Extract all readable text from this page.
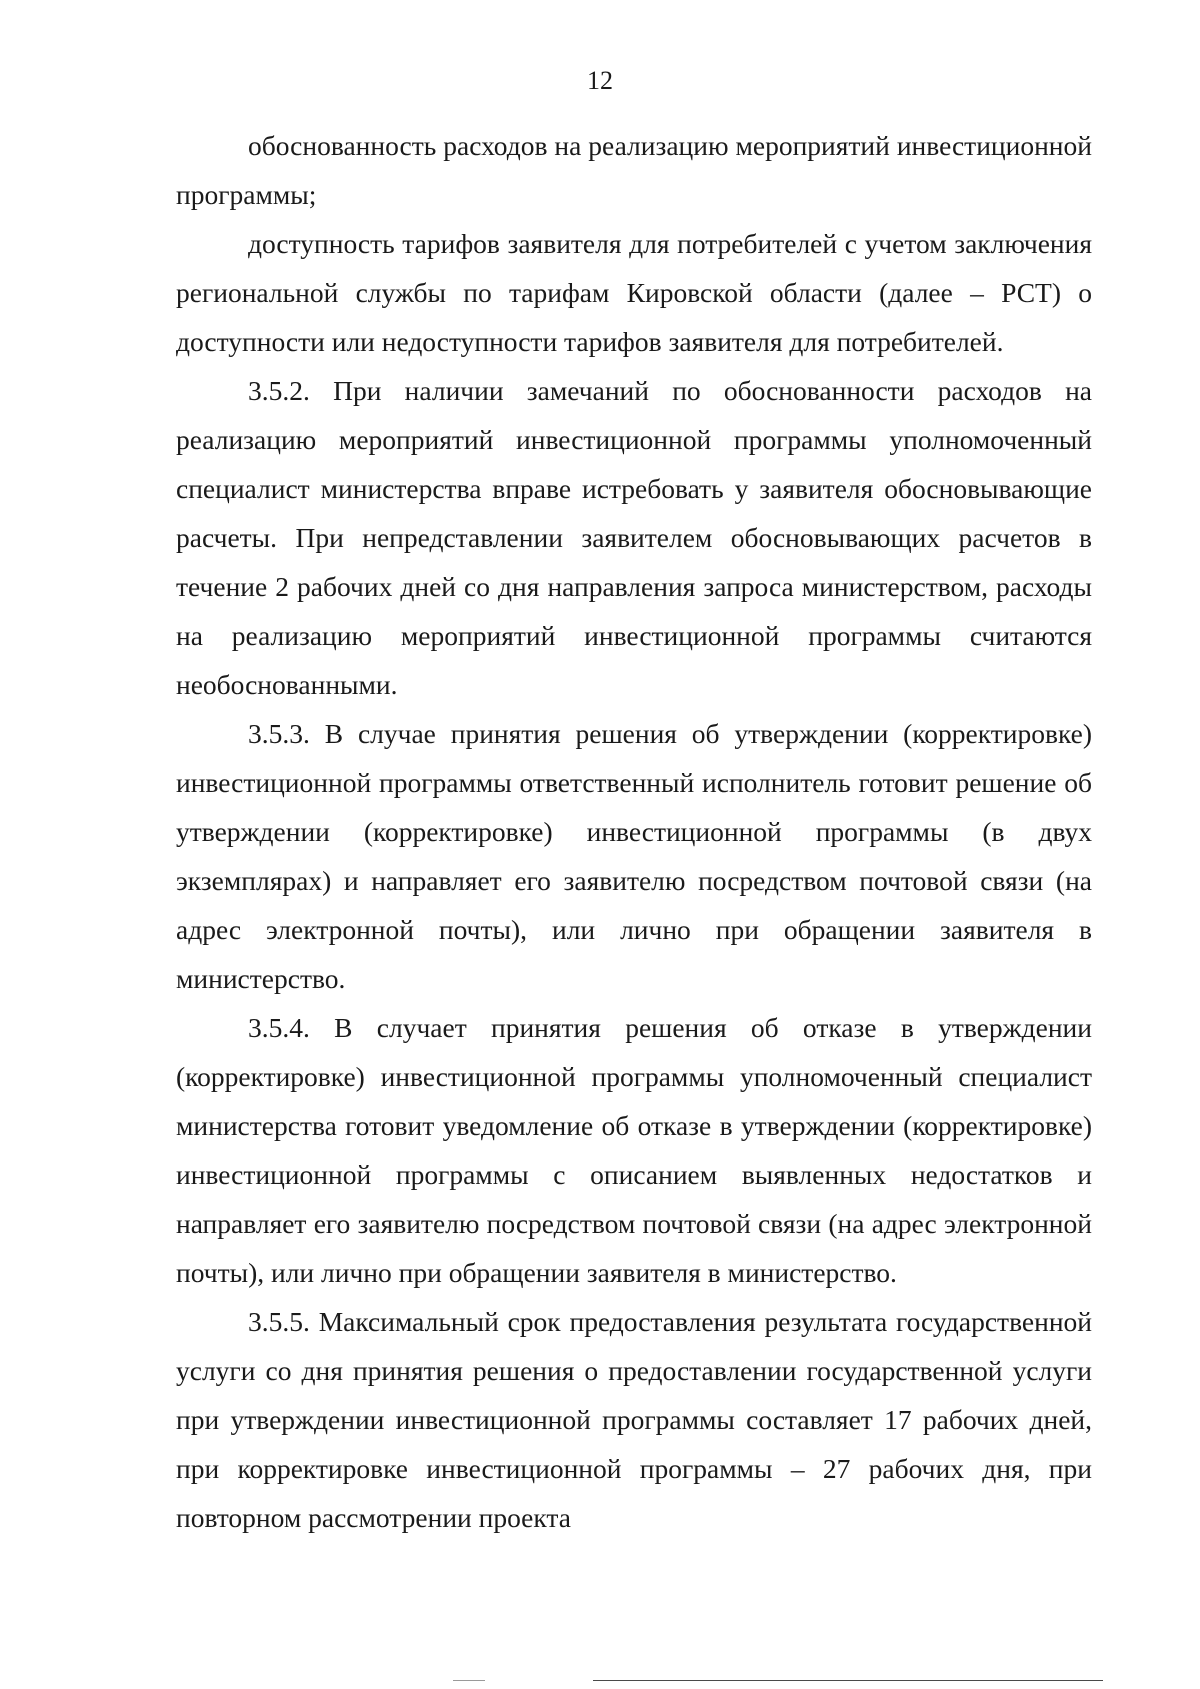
12

обоснованность расходов на реализацию мероприятий инвестиционной программы;

доступность тарифов заявителя для потребителей с учетом заключения региональной службы по тарифам Кировской области (далее – РСТ) о доступности или недоступности тарифов заявителя для потребителей.

3.5.2. При наличии замечаний по обоснованности расходов на реализацию мероприятий инвестиционной программы уполномоченный специалист министерства вправе истребовать у заявителя обосновывающие расчеты. При непредставлении заявителем обосновывающих расчетов в течение 2 рабочих дней со дня направления запроса министерством, расходы на реализацию мероприятий инвестиционной программы считаются необоснованными.

3.5.3. В случае принятия решения об утверждении (корректировке) инвестиционной программы ответственный исполнитель готовит решение об утверждении (корректировке) инвестиционной программы (в двух экземплярах) и направляет его заявителю посредством почтовой связи (на адрес электронной почты), или лично при обращении заявителя в министерство.

3.5.4. В случает принятия решения об отказе в утверждении (корректировке) инвестиционной программы уполномоченный специалист министерства готовит уведомление об отказе в утверждении (корректировке) инвестиционной программы с описанием выявленных недостатков и направляет его заявителю посредством почтовой связи (на адрес электронной почты), или лично при обращении заявителя в министерство.

3.5.5. Максимальный срок предоставления результата государственной услуги со дня принятия решения о предоставлении государственной услуги при утверждении инвестиционной программы составляет 17 рабочих дней, при корректировке инвестиционной программы – 27 рабочих дня, при повторном рассмотрении проекта
